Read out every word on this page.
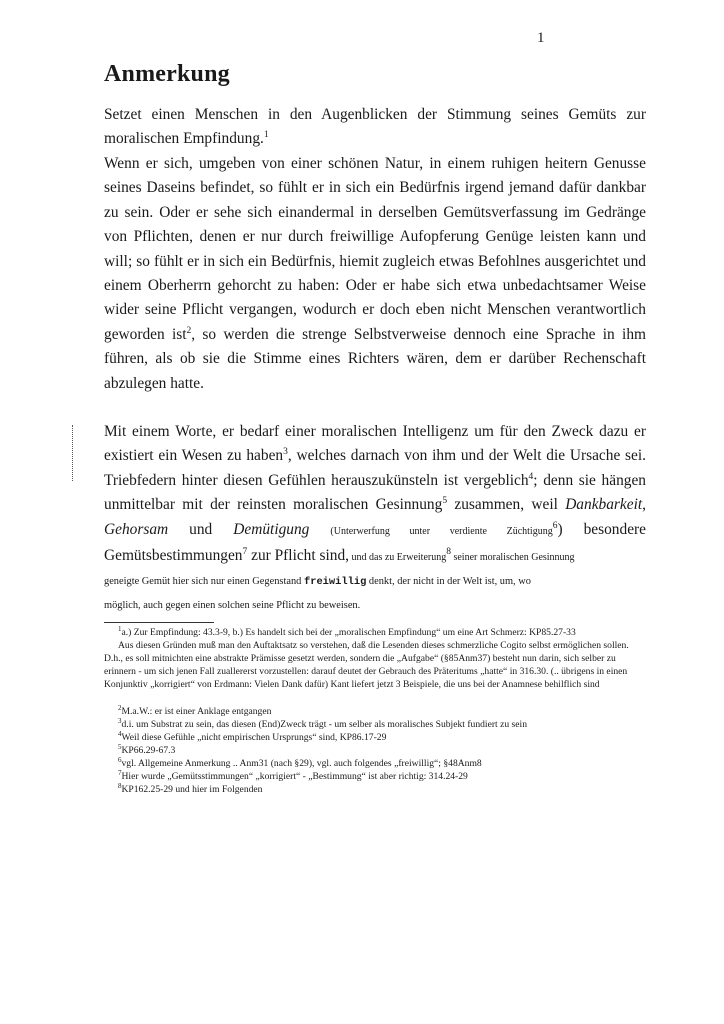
1
Anmerkung

Setzet einen Menschen in den Augenblicken der Stimmung seines Gemüts zur moralischen Empfindung.$^1$

Wenn er sich, umgeben von einer schönen Natur, in einem ruhigen heitern Genusse seines Daseins befindet, so fühlt er in sich ein Bedürfnis irgend jemand dafür dankbar zu sein. Oder er sehe sich einandermal in derselben Gemütsverfassung im Gedränge von Pflichten, denen er nur durch freiwillige Aufopferung Genüge leisten kann und will; so fühlt er in sich ein Bedürfnis, hiemit zugleich etwas Befohlnes ausgerichtet und einem Oberherrn gehorcht zu haben: Oder er habe sich etwa unbedachtsamer Weise wider seine Pflicht vergangen, wodurch er doch eben nicht Menschen verantwortlich geworden ist$^2$, so werden die strenge Selbstverweise dennoch eine Sprache in ihm führen, als ob sie die Stimme eines Richters wären, dem er darüber Rechenschaft abzulegen hatte.

Mit einem Worte, er bedarf einer moralischen Intelligenz um für den Zweck dazu er existiert ein Wesen zu haben$^3$, welches darnach von ihm und der Welt die Ursache sei. Triebfedern hinter diesen Gefühlen herauszukünsteln ist vergeblich$^4$; denn sie hängen unmittelbar mit der reinsten moralischen Gesinnung$^5$ zusammen, weil Dankbarkeit, Gehorsam und Demütigung (Unterwerfung unter verdiente Züchtigung$^6$) besondere Gemütsbestimmungen$^7$ zur Pflicht sind, und das zu Erweiterung$^8$ seiner moralischen Gesinnung

geneigte Gemüt hier sich nur einen Gegenstand freiwillig denkt, der nicht in der Welt ist, um, wo
möglich, auch gegen einen solchen seine Pflicht zu beweisen.

$^1$a.) Zur Empfindung: 43.3-9, b.) Es handelt sich bei der „moralischen Empfindung“ um eine Art Schmerz: KP85.27-33

Aus diesen Gründen muß man den Auftaktsatz so verstehen, daß die Lesenden dieses schmerzliche Cogito selbst ermöglichen sollen. D.h., es soll mitnichten eine abstrakte Prämisse gesetzt werden, sondern die „Aufgabe“ (§85Anm37) besteht nun darin, sich selber zu erinnern - um sich jenen Fall zuallererst vorzustellen: darauf deutet der Gebrauch des Präteritums „hatte“ in 316.30. (.. übrigens in einen Konjunktiv „korrigiert“ von Erdmann: Vielen Dank dafür) Kant liefert jetzt 3 Beispiele, die uns bei der Anamnese behilflich sind

$^2$M.a.W.: er ist einer Anklage entgangen

$^3$d.i. um Substrat zu sein, das diesen (End)Zweck trägt - um selber als moralisches Subjekt fundiert zu sein

$^4$Weil diese Gefühle „nicht empirischen Ursprungs“ sind, KP86.17-29

$^5$KP66.29-67.3

$^6$vgl. Allgemeine Anmerkung .. Anm31 (nach §29), vgl. auch folgendes „freiwillig“; §48Anm8

$^7$Hier wurde „Gemütsstimmungen“ „korrigiert“ - „Bestimmung“ ist aber richtig: 314.24-29

$^8$KP162.25-29 und hier im Folgenden
